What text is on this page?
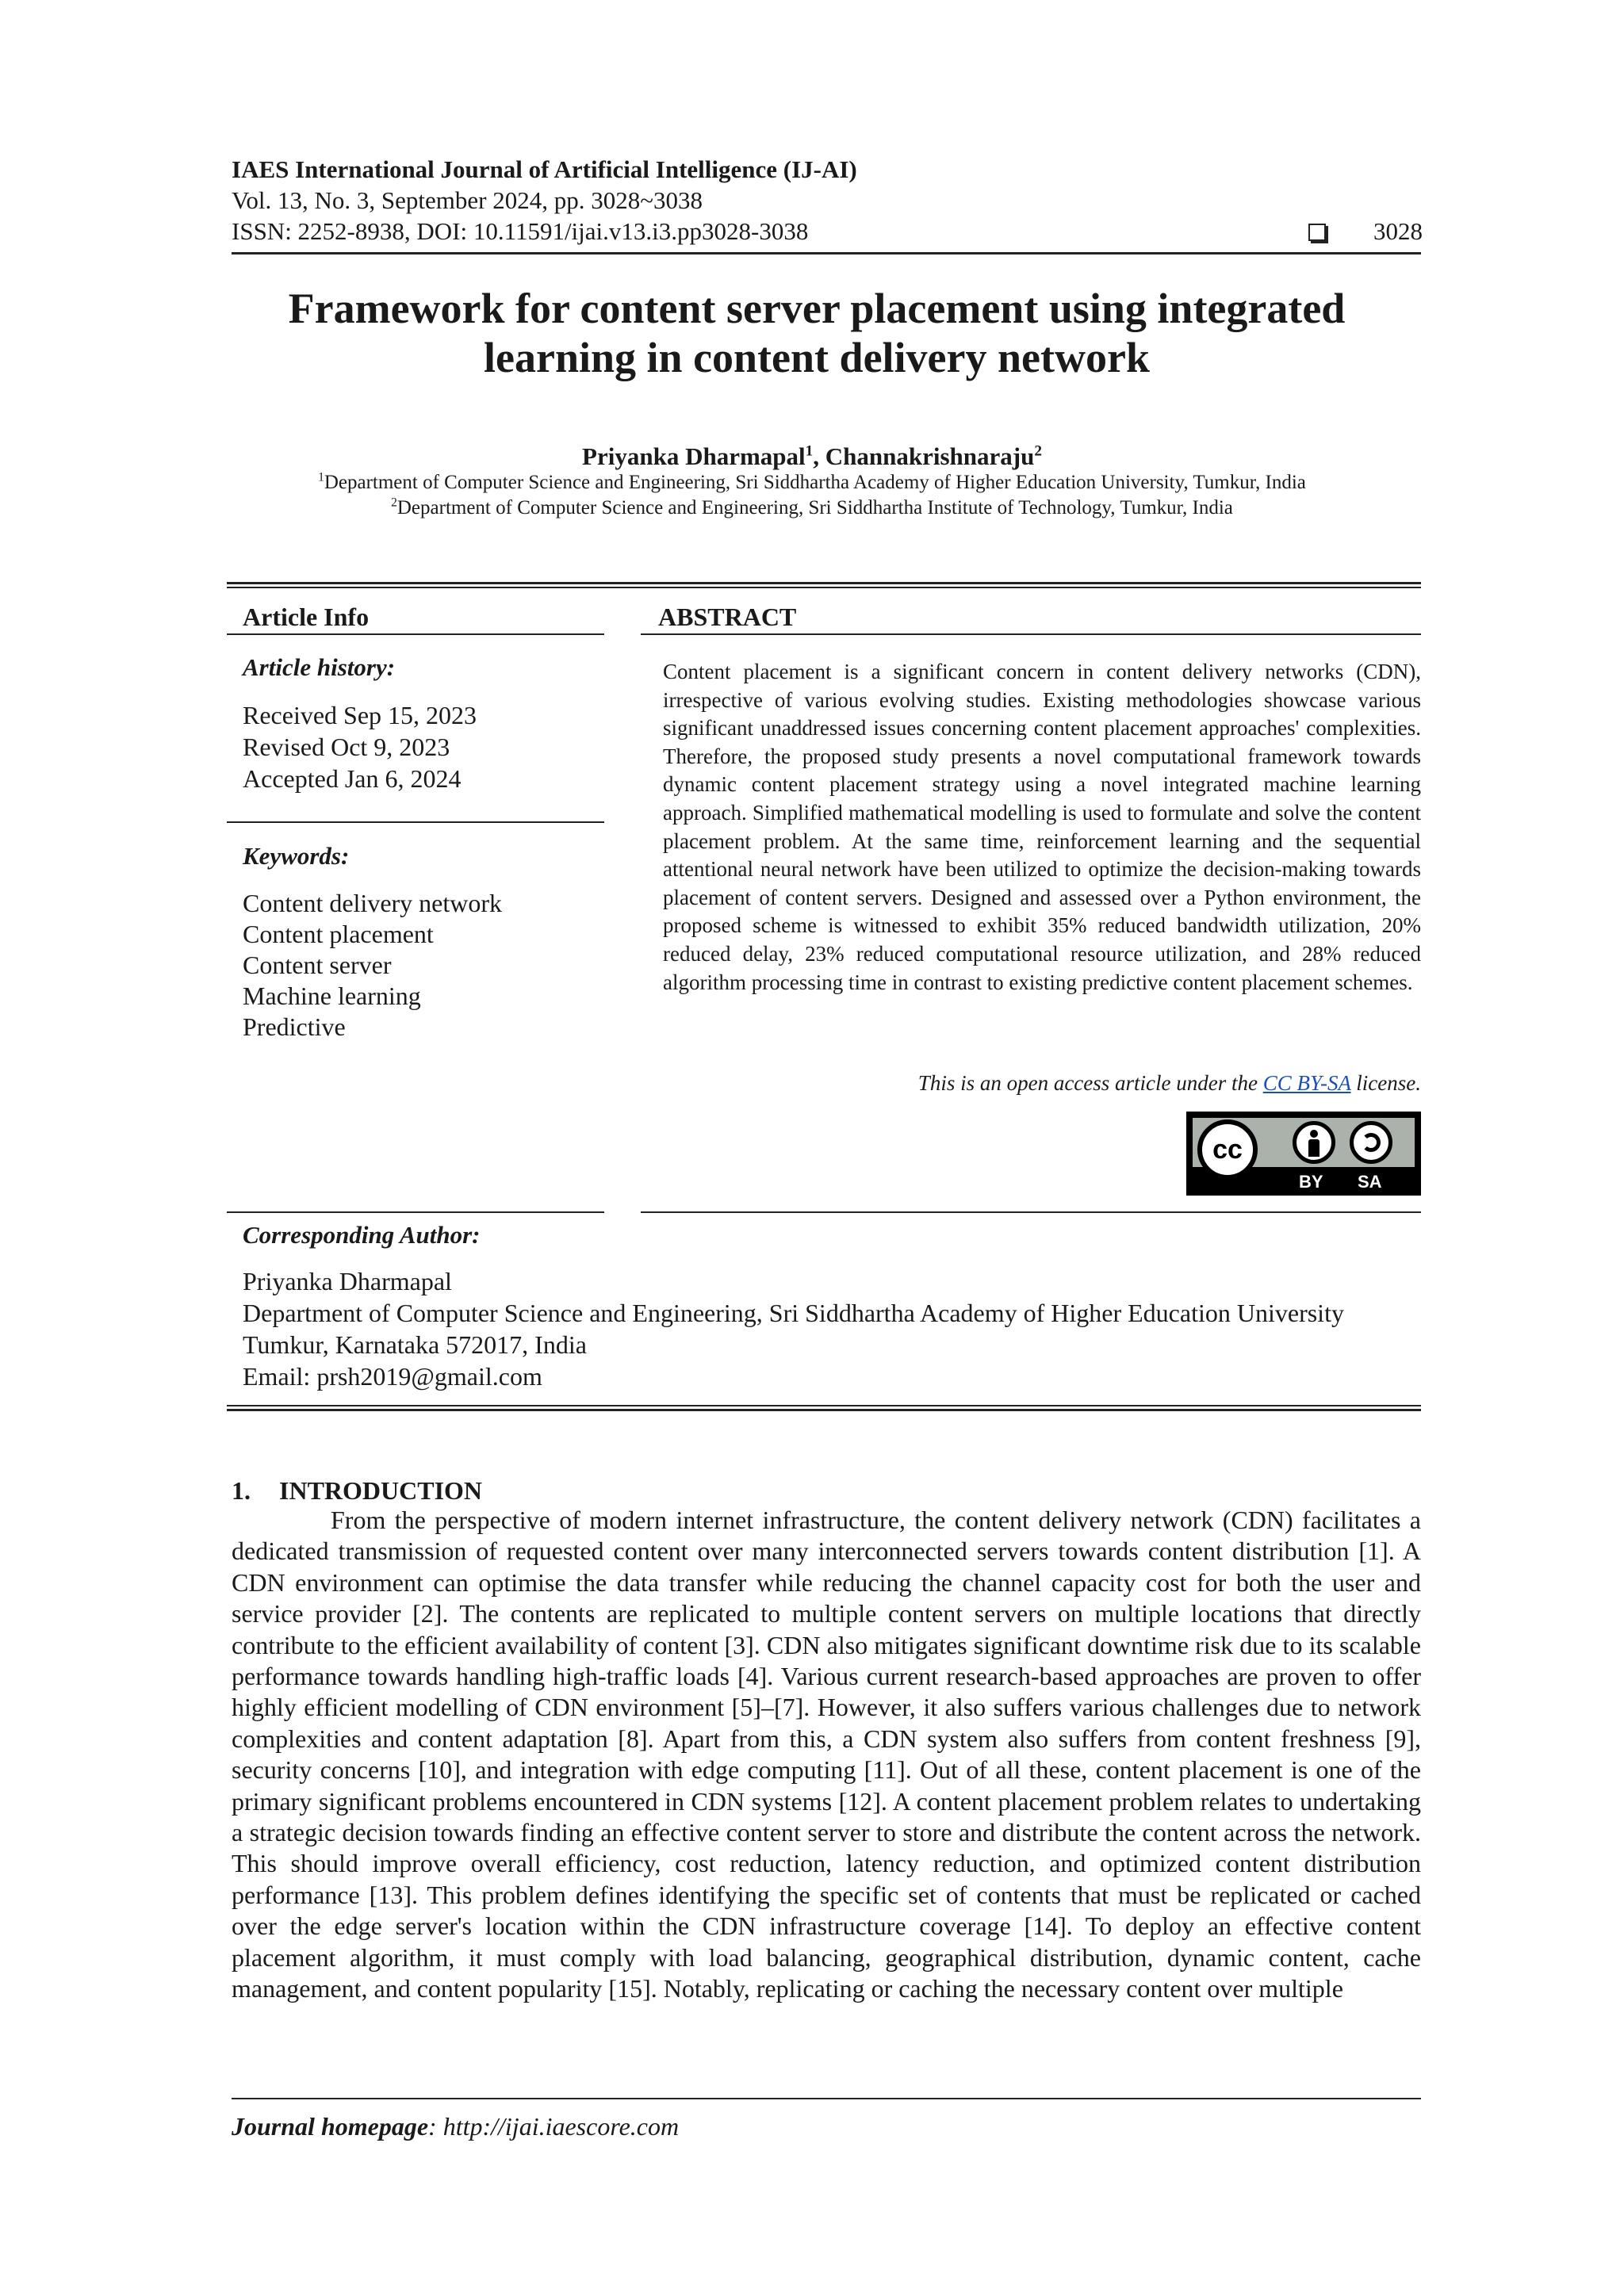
IAES International Journal of Artificial Intelligence (IJ-AI)
Vol. 13, No. 3, September 2024, pp. 3028~3038
ISSN: 2252-8938, DOI: 10.11591/ijai.v13.i3.pp3028-3038	3028
Framework for content server placement using integrated
learning in content delivery network
Priyanka Dharmapal$^1$, Channakrishnaraju$^2$
$^1$Department of Computer Science and Engineering, Sri Siddhartha Academy of Higher Education University, Tumkur, India
$^2$Department of Computer Science and Engineering, Sri Siddhartha Institute of Technology, Tumkur, India
Article Info
Article history:
Received Sep 15, 2023
Revised Oct 9, 2023
Accepted Jan 6, 2024
Keywords:
Content delivery network
Content placement
Content server
Machine learning
Predictive
ABSTRACT
Content placement is a significant concern in content delivery networks (CDN), irrespective of various evolving studies. Existing methodologies showcase various significant unaddressed issues concerning content placement approaches' complexities. Therefore, the proposed study presents a novel computational framework towards dynamic content placement strategy using a novel integrated machine learning approach. Simplified mathematical modelling is used to formulate and solve the content placement problem. At the same time, reinforcement learning and the sequential attentional neural network have been utilized to optimize the decision-making towards placement of content servers. Designed and assessed over a Python environment, the proposed scheme is witnessed to exhibit 35% reduced bandwidth utilization, 20% reduced delay, 23% reduced computational resource utilization, and 28% reduced algorithm processing time in contrast to existing predictive content placement schemes.
This is an open access article under the CC BY-SA license.
cc
BY SA
Corresponding Author:
Priyanka Dharmapal
Department of Computer Science and Engineering, Sri Siddhartha Academy of Higher Education University
Tumkur, Karnataka 572017, India
Email: prsh2019@gmail.com
1. INTRODUCTION

From the perspective of modern internet infrastructure, the content delivery network (CDN) facilitates a dedicated transmission of requested content over many interconnected servers towards content distribution [1]. A CDN environment can optimise the data transfer while reducing the channel capacity cost for both the user and service provider [2]. The contents are replicated to multiple content servers on multiple locations that directly contribute to the efficient availability of content [3]. CDN also mitigates significant downtime risk due to its scalable performance towards handling high-traffic loads [4]. Various current research-based approaches are proven to offer highly efficient modelling of CDN environment [5]–[7]. However, it also suffers various challenges due to network complexities and content adaptation [8]. Apart from this, a CDN system also suffers from content freshness [9], security concerns [10], and integration with edge computing [11]. Out of all these, content placement is one of the primary significant problems encountered in CDN systems [12]. A content placement problem relates to undertaking a strategic decision towards finding an effective content server to store and distribute the content across the network. This should improve overall efficiency, cost reduction, latency reduction, and optimized content distribution performance [13]. This problem defines identifying the specific set of contents that must be replicated or cached over the edge server's location within the CDN infrastructure coverage [14]. To deploy an effective content placement algorithm, it must comply with load balancing, geographical distribution, dynamic content, cache management, and content popularity [15]. Notably, replicating or caching the necessary content over multiple

Journal homepage: http://ijai.iaescore.com
